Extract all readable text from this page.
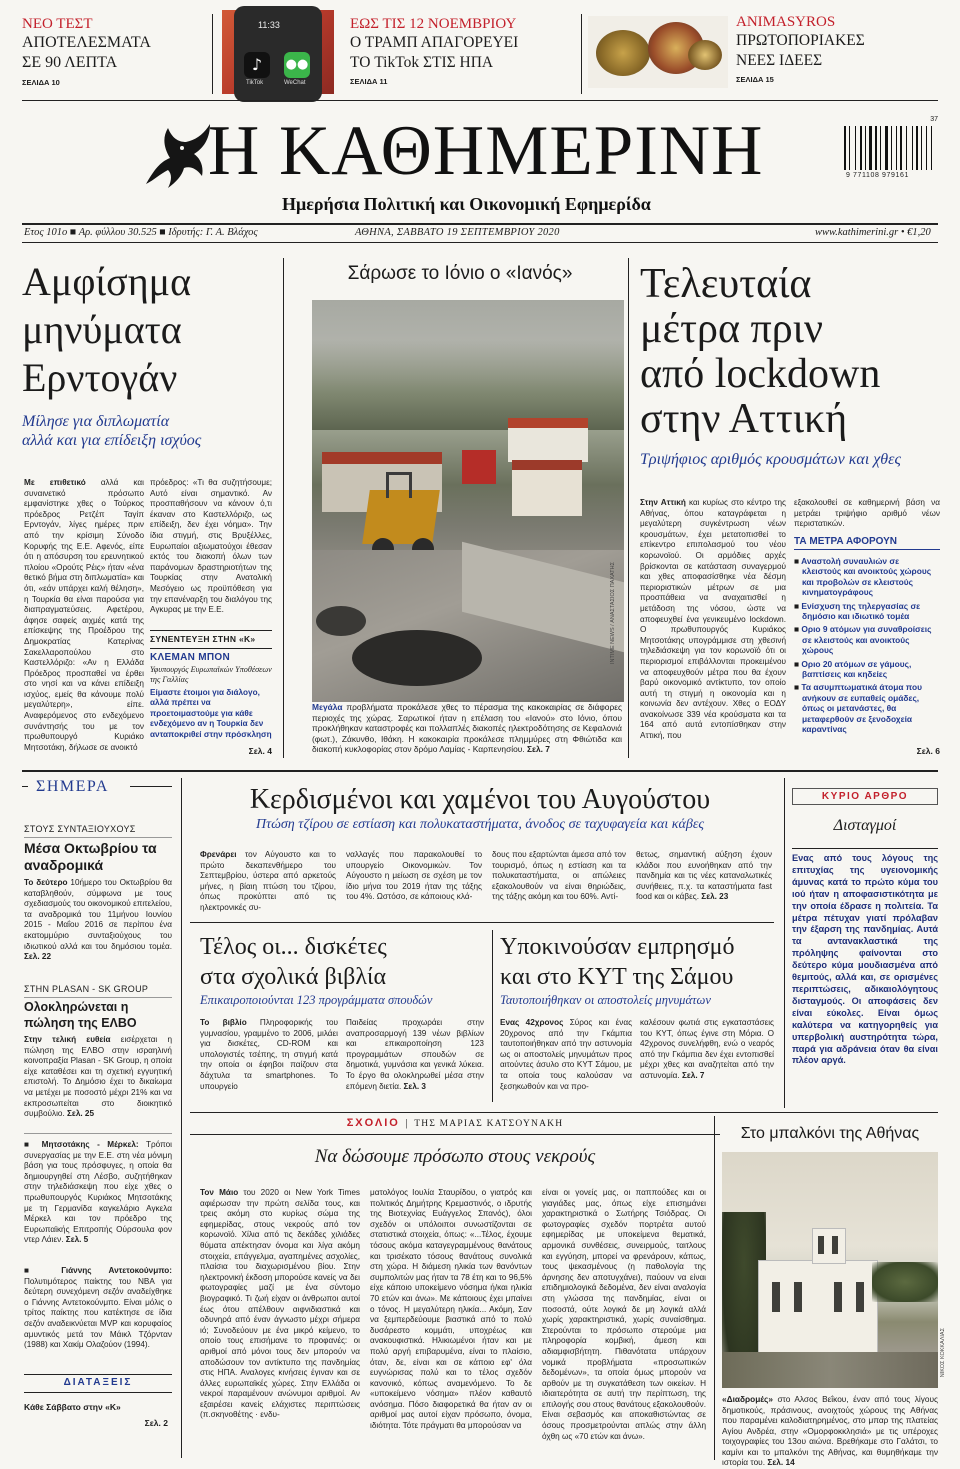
ΝΕΟ ΤΕΣΤ
ΑΠΟΤΕΛΕΣΜΑΤΑ
ΣΕ 90 ΛΕΠΤΑ
ΣΕΛΙΔΑ 10
11:33
♪	●●
TikTok	WeChat
ΕΩΣ ΤΙΣ 12 ΝΟΕΜΒΡΙΟΥ
Ο ΤΡΑΜΠ ΑΠΑΓΟΡΕΥΕΙ
ΤΟ TikTok ΣΤΙΣ ΗΠΑ
ΣΕΛΙΔΑ 11
ANIMASYROS
ΠΡΩΤΟΠΟΡΙΑΚΕΣ
ΝΕΕΣ ΙΔΕΕΣ
ΣΕΛΙΔΑ 15
Η ΚΑΘΗΜΕΡΙΝΗ
Ημερήσια Πολιτική και Οικονομική Εφημερίδα
37
9 771108 979161
Ετος 101ο ■ Αρ. φύλλου 30.525 ■ Ιδρυτής: Γ. Α. Βλάχος	ΑΘΗΝΑ, ΣΑΒΒΑΤΟ 19 ΣΕΠΤΕΜΒΡΙΟΥ 2020	www.kathimerini.gr • €1,20
Αμφίσημα
μηνύματα
Ερντογάν
Μίλησε για διπλωματία
αλλά και για επίδειξη ισχύος
Με επιθετικό αλλά και συναινετικό πρόσωπο εμφανίστηκε χθες ο Τούρκος πρόεδρος Ρετζέπ Ταγίπ Ερντογάν, λίγες ημέρες πριν από την κρίσιμη Σύνοδο Κορυφής της Ε.Ε. Αφενός, είπε ότι η απόσυρση του ερευνητικού πλοίου «Ορούτς Ρέις» ήταν «ένα θετικό βήμα στη διπλωματία» και ότι, «εάν υπάρχει καλή θέληση», η Τουρκία θα είναι παρούσα για διαπραγματεύσεις. Αφετέρου, άφησε σαφείς αιχμές κατά της επίσκεψης της Προέδρου της Δημοκρατίας Κατερίνας Σακελλαροπούλου στο Καστελλόριζο: «Αν η Ελλάδα Πρόεδρος προσπαθεί να έρθει στο νησί και να κάνει επίδειξη ισχύος, εμείς θα κάνουμε πολύ μεγαλύτερη», είπε. Αναφερόμενος στο ενδεχόμενο συνάντησής του με τον πρωθυπουργό Κυριάκο Μητσοτάκη, δήλωσε σε ανοικτό
πρόεδρος: «Τι θα συζητήσουμε; Αυτό είναι σημαντικό. Αν προσπαθήσουν να κάνουν ό,τι έκαναν στο Καστελλόριζο, ως επίδειξη, δεν έχει νόημα». Την ίδια στιγμή, στις Βρυξέλλες, Ευρωπαίοι αξιωματούχοι έθεσαν εκτός του διακοπή όλων των παράνομων δραστηριοτήτων της Τουρκίας στην Ανατολική Μεσόγειο ως προϋπόθεση για την επανέναρξη του διαλόγου της Αγκυρας με την Ε.Ε.
ΣΥΝΕΝΤΕΥΞΗ ΣΤΗΝ «Κ»
ΚΛΕΜΑΝ ΜΠΟΝ
Υφυπουργός Ευρωπαϊκών Υποθέσεων της Γαλλίας
Είμαστε έτοιμοι για διάλογο, αλλά πρέπει να προετοιμαστούμε για κάθε ενδεχόμενο αν η Τουρκία δεν ανταποκριθεί στην πρόσκληση
Σελ. 4
Σάρωσε το Ιόνιο ο «Ιανός»
INTIME NEWS / ΑΝΑΣΤΑΣΙΟΣ ΠΑΧΑΤΗΣ
Μεγάλα προβλήματα προκάλεσε χθες το πέρασμα της κακοκαιρίας σε διάφορες περιοχές της χώρας. Σαρωτικοί ήταν η επέλαση του «Ιανού» στο Ιόνιο, όπου προκλήθηκαν καταστροφές και πολλαπλές διακοπές ηλεκτροδότησης σε Κεφαλονιά (φωτ.), Ζάκυνθο, Ιθάκη. Η κακοκαιρία προκάλεσε πλημμύρες στη Φθιώτιδα και διακοπή κυκλοφορίας στον δρόμο Λαμίας - Καρπενησίου. Σελ. 7
Τελευταία
μέτρα πριν
από lockdown
στην Αττική
Τριψήφιος αριθμός κρουσμάτων και χθες
Στην Αττική και κυρίως στο κέντρο της Αθήνας, όπου καταγράφεται η μεγαλύτερη συγκέντρωση νέων κρουσμάτων, έχει μετατοπισθεί το επίκεντρο επιπολασμού του νέου κορωνοϊού. Οι αρμόδιες αρχές βρίσκονται σε κατάσταση συναγερμού και χθες αποφασίσθηκε νέα δέσμη περιοριστικών μέτρων σε μια προσπάθεια να αναχαιτισθεί η μετάδοση της νόσου, ώστε να αποφευχθεί ένα γενικευμένο lockdown. Ο πρωθυπουργός Κυριάκος Μητσοτάκης υπογράμμισε στη χθεσινή τηλεδιάσκεψη για τον κορωνοϊό ότι οι περιορισμοί επιβάλλονται προκειμένου να αποφευχθούν μέτρα που θα έχουν βαρύ οικονομικό αντίκτυπο, τον οποίο αυτή τη στιγμή η οικονομία και η κοινωνία δεν αντέχουν. Χθες ο ΕΟΔΥ ανακοίνωσε 339 νέα κρούσματα και τα 164 από αυτά εντοπίσθηκαν στην Αττική, που
εξακολουθεί σε καθημερινή βάση να μετράει τριψήφιο αριθμό νέων περιστατικών.
ΤΑ ΜΕΤΡΑ ΑΦΟΡΟΥΝ
■ Αναστολή συναυλιών σε κλειστούς και ανοικτούς χώρους και προβολών σε κλειστούς κινηματογράφους
■ Ενίσχυση της τηλεργασίας σε δημόσιο και ιδιωτικό τομέα
■ Οριο 9 ατόμων για συναθροίσεις σε κλειστούς και ανοικτούς χώρους
■ Οριο 20 ατόμων σε γάμους, βαπτίσεις και κηδείες
■ Τα ασυμπτωματικά άτομα που ανήκουν σε ευπαθείς ομάδες, όπως οι μετανάστες, θα μεταφερθούν σε ξενοδοχεία καραντίνας
Σελ. 6
ΣΗΜΕΡΑ
ΣΤΟΥΣ ΣΥΝΤΑΞΙΟΥΧΟΥΣ
Μέσα Οκτωβρίου τα αναδρομικά
Το δεύτερο 10ήμερο του Οκτωβρίου θα καταβληθούν, σύμφωνα με τους σχεδιασμούς του οικονομικού επιτελείου, τα αναδρομικά του 11μήνου Ιουνίου 2015 - Μαΐου 2016 σε περίπου ένα εκατομμύριο συνταξιούχους του ιδιωτικού αλλά και του δημόσιου τομέα. Σελ. 22
ΣΤΗΝ PLASAN - SK GROUP
Ολοκληρώνεται η πώληση της ΕΛΒΟ
Στην τελική ευθεία εισέρχεται η πώληση της ΕΛΒΟ στην ισραηλινή κοινοπραξία Plasan - SK Group, η οποία είχε καταθέσει και τη σχετική εγγυητική επιστολή. Το Δημόσιο έχει το δικαίωμα να μετέχει με ποσοστό μέχρι 21% και να εκπροσωπείται στο διοικητικό συμβούλιο. Σελ. 25
■ Μητσοτάκης - Μέρκελ: Τρόποι συνεργασίας με την Ε.Ε. στη νέα μόνιμη βάση για τους πρόσφυγες, η οποία θα δημιουργηθεί στη Λέσβο, συζητήθηκαν στην τηλεδιάσκεψη που είχε χθες ο πρωθυπουργός Κυριάκος Μητσοτάκης με τη Γερμανίδα καγκελάριο Αγκελα Μέρκελ και τον πρόεδρο της Ευρωπαϊκής Επιτροπής Ούρσουλα φον ντερ Λάιεν. Σελ. 5
■ Γιάννης Αντετοκούνμπο: Πολυτιμότερος παίκτης του NBA για δεύτερη συνεχόμενη σεζόν αναδείχθηκε ο Γιάννης Αντετοκούνμπο. Είναι μόλις ο τρίτος παίκτης που κατέκτησε σε ίδια σεζόν αναδεικνύεται MVP και κορυφαίος αμυντικός μετά τον Μάικλ Τζόρνταν (1988) και Χακίμ Ολαζούον (1994).
ΔΙΑΤΑΞΕΙΣ
Κάθε Σάββατο στην «Κ»
Σελ. 2
Κερδισμένοι και χαμένοι του Αυγούστου
Πτώση τζίρου σε εστίαση και πολυκαταστήματα, άνοδος σε ταχυφαγεία και κάβες
Φρενάρει τον Αύγουστο και το πρώτο δεκαπενθήμερο του Σεπτεμβρίου, ύστερα από αρκετούς μήνες, η βίαιη πτώση του τζίρου, όπως προκύπτει από τις ηλεκτρονικές συ-
ναλλαγές που παρακολουθεί το υπουργείο Οικονομικών. Τον Αύγουστο η μείωση σε σχέση με τον ίδιο μήνα του 2019 ήταν της τάξης του 4%. Ωστόσο, σε κάποιους κλά-
δους που εξαρτώνται άμεσα από τον τουρισμό, όπως η εστίαση και τα πολυκαταστήματα, οι απώλειες εξακολουθούν να είναι θηριώδεις, της τάξης ακόμη και του 60%. Αντί-
θετως, σημαντική αύξηση έχουν κλάδοι που ευνοήθηκαν από την πανδημία και τις νέες καταναλωτικές συνήθειες, π.χ. τα καταστήματα fast food και οι κάβες. Σελ. 23
Τέλος οι... δισκέτες
στα σχολικά βιβλία
Επικαιροποιούνται 123 προγράμματα σπουδών
Το βιβλίο Πληροφορικής του γυμνασίου, γραμμένο το 2006, μιλάει για δισκέτες, CD-ROM και υπολογιστές τσέπης, τη στιγμή κατά την οποία οι έφηβοι παίζουν στα δάχτυλα τα smartphones. Το υπουργείο
Παιδείας προχωράει στην αναπροσαρμογή 139 νέων βιβλίων και επικαιροποίηση 123 προγραμμάτων σπουδών σε δημοτικά, γυμνάσια και γενικά λύκεια. Το έργο θα ολοκληρωθεί μέσα στην επόμενη διετία. Σελ. 3
Υποκινούσαν εμπρησμό
και στο ΚΥΤ της Σάμου
Ταυτοποιήθηκαν οι αποστολείς μηνυμάτων
Ενας 42χρονος Σύρος και ένας 20χρονος από την Γκάμπια ταυτοποιήθηκαν από την αστυνομία ως οι αποστολείς μηνυμάτων προς αιτούντες άσυλο στο ΚΥΤ Σάμου, με τα οποία τους καλούσαν να ξεσηκωθούν και να προ-
καλέσουν φωτιά στις εγκαταστάσεις του ΚΥΤ, όπως έγινε στη Μόρια. Ο 42χρονος συνελήφθη, ενώ ο νεαρός από την Γκάμπια δεν έχει εντοπισθεί μέχρι χθες και αναζητείται από την αστυνομία. Σελ. 7
ΚΥΡΙΟ ΑΡΘΡΟ
Δισταγμοί
Ενας από τους λόγους της επιτυχίας της υγειονομικής άμυνας κατά το πρώτο κύμα του ιού ήταν η αποφασιστικότητα με την οποία έδρασε η πολιτεία. Τα μέτρα πέτυχαν γιατί πρόλαβαν την έξαρση της πανδημίας. Αυτά τα αντανακλαστικά της πρόληψης φαίνονται στο δεύτερο κύμα μουδιασμένα από θεμιτούς, αλλά και, σε ορισμένες περιπτώσεις, αδικαιολόγητους δισταγμούς. Οι αποφάσεις δεν είναι εύκολες. Είναι όμως καλύτερα να κατηγορηθείς για υπερβολική αυστηρότητα τώρα, παρά για αδράνεια όταν θα είναι πλέον αργά.
ΣΧΟΛΙΟ | ΤΗΣ ΜΑΡΙΑΣ ΚΑΤΣΟΥΝΑΚΗ
Να δώσουμε πρόσωπο στους νεκρούς
Τον Μάιο του 2020 οι New York Times αφιέρωσαν την πρώτη σελίδα τους, και τρεις ακόμη στο κυρίως σώμα της εφημερίδας, στους νεκρούς από τον κορωνοϊό. Χίλια από τις δεκάδες χιλιάδες θύματα απέκτησαν όνομα και λίγα ακόμη στοιχεία, επάγγελμα, αγαπημένες ασχολίες, πλαίσια του διαχωρισμένου βίου. Στην ηλεκτρονική έκδοση μπορούσε κανείς να δει φωτογραφίες μαζί με ένα σύντομο βιογραφικό. Τι ζωή είχαν οι άνθρωποι αυτοί έως ότου απέλθουν αιφνιδιαστικά και οδυνηρά από έναν άγνωστο μέχρι σήμερα ιό; Συνοδεύουν με ένα μικρό κείμενο, το οποίο τους επισήμανε το προφανές: οι αριθμοί από μόνοι τους δεν μπορούν να αποδώσουν τον αντίκτυπο της πανδημίας στις ΗΠΑ. Αναλογες κινήσεις έγιναν και σε άλλες ευρωπαϊκές χώρες. Στην Ελλάδα οι νεκροί παραμένουν ανώνυμοι αριθμοί. Αν εξαιρέσει κανείς ελάχιστες περιπτώσεις (π.σκηνοθέτης · ενδυ-
ματολόγος Ιουλία Σταυρίδου, ο γιατρός και πολιτικός Δημήτρης Κρεμαστινός, ο ιδρυτής της Βιοτεχνίας Ευάγγελος Σπανός), όλοι σχεδόν οι υπόλοιποι συνωστίζονται σε στατιστικά στοιχεία, όπως: «...Τέλος, έχουμε τόσους ακόμα καταγεγραμμένους θανάτους και τρισέκατο τόσους θανάτους συνολικά στη χώρα. Η διάμεση ηλικία των θανόντων συμπολιτών μας ήταν τα 78 έτη και το 96,5% είχε κάποιο υποκείμενο νόσημα ή/και ηλικία 70 ετών και άνω». Με κάποιους έχει μπαίνει ο τόνος. Η μεγαλύτερη ηλικία... Ακόμη, Σαν να ξεμπερδεύουμε βιαστικά από το πολύ δυσάρεστο κομμάτι, υποχρέως και ανακουφιστικά. Ηλικιωμένοι ήταν και με πολύ αργή επιβαρυμένα, είναι το πλαίσιο, όταν, δε, είναι και σε κάποιο εφ' όλα ευγνώρισας πολύ και το τέλος σχεδόν κανονικό, κόπως αναμενόμενο. Το δε «υποκείμενο νόσημα» πλέον καθαυτό ανόσημα. Πόσο διαφορετικά θα ήταν αν οι αριθμοί μας αυτοί είχαν πρόσωπο, όνομα, ιδιότητα. Τότε πράγματι θα μπορούσαν να
είναι οι γονείς μας, οι παππούδες και οι γιαγιάδες μας, όπως είχε επισημάνει χαρακτηριστικά ο Σωτήρης Τσιόδρας. Οι φωτογραφίες σχεδόν πορτρέτα αυτού εφημερίδας με υποκείμενα θεματικά, αρμονικά συνθέσεις, συνειρμούς, ταιτλους και εγγύηση, μπορεί να φρενάρουν, κάπως, τους ψεκασμένους (η παθολογία της άρνησης δεν αποτυγχάνει), παύουν να είναι επιδημιολογικά δεδομένα, δεν είναι αναλογία στη γλώσσα της πανδημίας, είναι οι ποσοστά, ούτε λογικά δε μη λογικά αλλά χωρίς χαρακτηριστικά, χωρίς συναίσθημα. Στερούνται το πρόσωπο στερούμε μια πληροφορία κομβική, άμεση και αδιαμφισβήτητη. Πιθανότατα υπάρχουν νομικά προβλήματα «προσωπικών δεδομένων», τα οποία όμως μπορούν να αρθούν με τη συγκατάθεση των οικείων. Η ιδιαιτερότητα σε αυτή την περίπτωση, της επιλογής σου στους θανάτους εξακολουθούν. Είναι σεβασμός και αποκαθιστώντας σε όσους προσμετρούνται απλώς στην άλλη όχθη ως «70 ετών και άνω».
Στο μπαλκόνι της Αθήνας
ΝΙΚΟΣ ΚΟΚΚΑΛΙΑΣ
«Διαδρομές» στο Αλσος Βεΐκου, έναν από τους λίγους δημοτικούς, πράσινους, ανοιχτούς χώρους της Αθήνας που παραμένει καλοδιατηρημένος, στο μπαρ της πλατείας Αγίου Ανδρέα, στην «Ομορφοκκλησιά» με τις υπέροχες τοιχογραφίες του 13ου αιώνα. Βρεθήκαμε στο Γαλάτσι, το καμίνι και το μπαλκόνι της Αθήνας, και θυμηθήκαμε την ιστορία του. Σελ. 14
